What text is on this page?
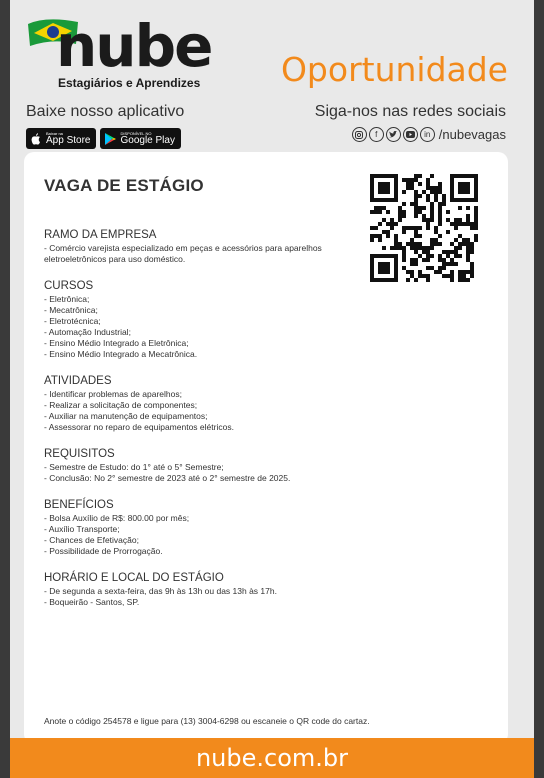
nube
Estagiários e Aprendizes Oportunidade
Baixe nosso aplicativo
Baixar na
App Store
DISPONÍVEL NO
Google Play
Siga-nos nas redes sociais
f	in /nubevagas
VAGA DE ESTÁGIO
RAMO DA EMPRESA
- Comércio varejista especializado em peças e acessórios para aparelhos eletroeletrônicos para uso doméstico.
CURSOS
- Eletrônica;
- Mecatrônica;
- Eletrotécnica;
- Automação Industrial;
- Ensino Médio Integrado a Eletrônica;
- Ensino Médio Integrado a Mecatrônica.
ATIVIDADES
- Identificar problemas de aparelhos;
- Realizar a solicitação de componentes;
- Auxiliar na manutenção de equipamentos;
- Assessorar no reparo de equipamentos elétricos.
REQUISITOS
- Semestre de Estudo: do 1° até o 5° Semestre;
- Conclusão: No 2° semestre de 2023 até o 2° semestre de 2025.
BENEFÍCIOS
- Bolsa Auxílio de R$: 800.00 por mês;
- Auxílio Transporte;
- Chances de Efetivação;
- Possibilidade de Prorrogação.
HORÁRIO E LOCAL DO ESTÁGIO
- De segunda a sexta-feira, das 9h às 13h ou das 13h às 17h.
- Boqueirão - Santos, SP.
Anote o código 254578 e ligue para (13) 3004-6298 ou escaneie o QR code do cartaz.
nube.com.br
